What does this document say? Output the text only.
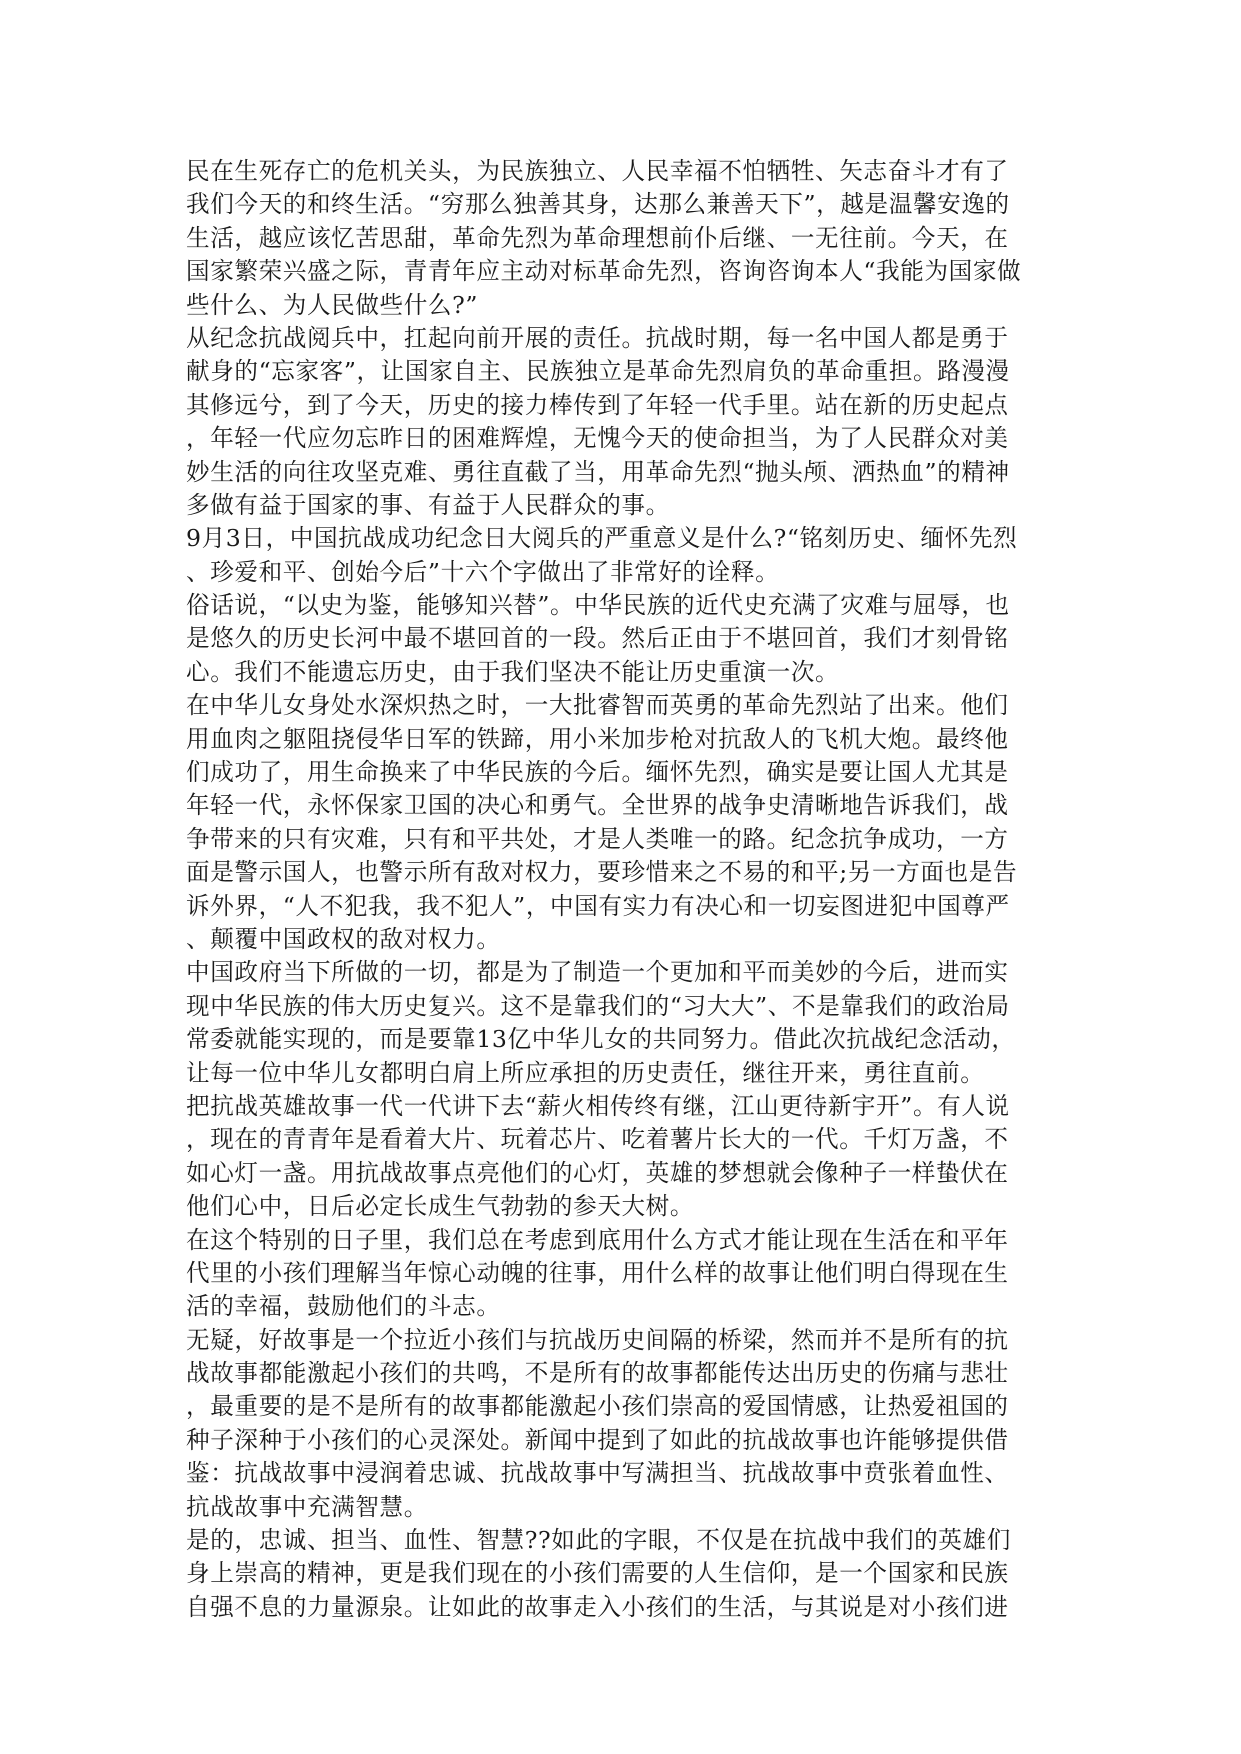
民在生死存亡的危机关头，为民族独立、人民幸福不怕牺牲、矢志奋斗才有了
我们今天的和终生活。“穷那么独善其身，达那么兼善天下”，越是温馨安逸的
生活，越应该忆苦思甜，革命先烈为革命理想前仆后继、一无往前。今天，在
国家繁荣兴盛之际，青青年应主动对标革命先烈，咨询咨询本人“我能为国家做
些什么、为人民做些什么?”
从纪念抗战阅兵中，扛起向前开展的责任。抗战时期，每一名中国人都是勇于
献身的“忘家客”，让国家自主、民族独立是革命先烈肩负的革命重担。路漫漫
其修远兮，到了今天，历史的接力棒传到了年轻一代手里。站在新的历史起点
，年轻一代应勿忘昨日的困难辉煌，无愧今天的使命担当，为了人民群众对美
妙生活的向往攻坚克难、勇往直截了当，用革命先烈“抛头颅、洒热血”的精神
多做有益于国家的事、有益于人民群众的事。
9月3日，中国抗战成功纪念日大阅兵的严重意义是什么?“铭刻历史、缅怀先烈
、珍爱和平、创始今后”十六个字做出了非常好的诠释。
俗话说，“以史为鉴，能够知兴替”。中华民族的近代史充满了灾难与屈辱，也
是悠久的历史长河中最不堪回首的一段。然后正由于不堪回首，我们才刻骨铭
心。我们不能遗忘历史，由于我们坚决不能让历史重演一次。
在中华儿女身处水深炽热之时，一大批睿智而英勇的革命先烈站了出来。他们
用血肉之躯阻挠侵华日军的铁蹄，用小米加步枪对抗敌人的飞机大炮。最终他
们成功了，用生命换来了中华民族的今后。缅怀先烈，确实是要让国人尤其是
年轻一代，永怀保家卫国的决心和勇气。全世界的战争史清晰地告诉我们，战
争带来的只有灾难，只有和平共处，才是人类唯一的路。纪念抗争成功，一方
面是警示国人，也警示所有敌对权力，要珍惜来之不易的和平;另一方面也是告
诉外界，“人不犯我，我不犯人”，中国有实力有决心和一切妄图进犯中国尊严
、颠覆中国政权的敌对权力。
中国政府当下所做的一切，都是为了制造一个更加和平而美妙的今后，进而实
现中华民族的伟大历史复兴。这不是靠我们的“习大大”、不是靠我们的政治局
常委就能实现的，而是要靠13亿中华儿女的共同努力。借此次抗战纪念活动，
让每一位中华儿女都明白肩上所应承担的历史责任，继往开来，勇往直前。
把抗战英雄故事一代一代讲下去“薪火相传终有继，江山更待新宇开”。有人说
，现在的青青年是看着大片、玩着芯片、吃着薯片长大的一代。千灯万盏，不
如心灯一盏。用抗战故事点亮他们的心灯，英雄的梦想就会像种子一样蛰伏在
他们心中，日后必定长成生气勃勃的参天大树。
在这个特别的日子里，我们总在考虑到底用什么方式才能让现在生活在和平年
代里的小孩们理解当年惊心动魄的往事，用什么样的故事让他们明白得现在生
活的幸福，鼓励他们的斗志。
无疑，好故事是一个拉近小孩们与抗战历史间隔的桥梁，然而并不是所有的抗
战故事都能激起小孩们的共鸣，不是所有的故事都能传达出历史的伤痛与悲壮
，最重要的是不是所有的故事都能激起小孩们崇高的爱国情感，让热爱祖国的
种子深种于小孩们的心灵深处。新闻中提到了如此的抗战故事也许能够提供借
鉴：抗战故事中浸润着忠诚、抗战故事中写满担当、抗战故事中贲张着血性、
抗战故事中充满智慧。
是的，忠诚、担当、血性、智慧??如此的字眼，不仅是在抗战中我们的英雄们
身上崇高的精神，更是我们现在的小孩们需要的人生信仰，是一个国家和民族
自强不息的力量源泉。让如此的故事走入小孩们的生活，与其说是对小孩们进
